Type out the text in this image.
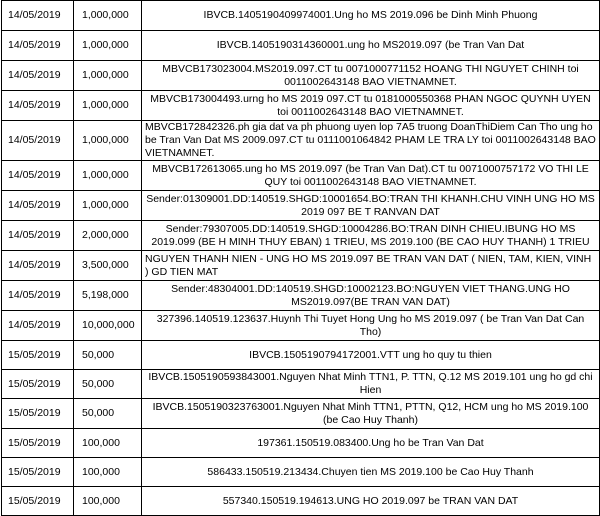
14/05/2019	1,000,000	IBVCB.1405190409974001.Ung ho MS 2019.096 be Dinh Minh Phuong
14/05/2019	1,000,000	IBVCB.1405190314360001.ung ho MS2019.097 (be Tran Van Dat
14/05/2019	1,000,000	MBVCB173023004.MS2019.097.CT tu 0071000771152 HOANG THI NGUYET CHINH toi 0011002643148 BAO VIETNAMNET.
14/05/2019	1,000,000	MBVCB173004493.urng ho MS 2019 097.CT tu 0181000550368 PHAN NGOC QUYNH UYEN toi 0011002643148 BAO VIETNAMNET.
14/05/2019	1,000,000	MBVCB172842326.ph gia dat va ph phuong uyen lop 7A5 truong DoanThiDiem Can Tho ung ho be Tran Van Dat MS 2009.097.CT tu 0111001064842 PHAM LE TRA LY toi 0011002643148 BAO VIETNAMNET.
14/05/2019	1,000,000	MBVCB172613065.ung ho MS 2019.097 (be Tran Van Dat).CT tu 0071000757172 VO THI LE QUY toi 0011002643148 BAO VIETNAMNET.
14/05/2019	1,000,000	Sender:01309001.DD:140519.SHGD:10001654.BO:TRAN THI KHANH.CHU VINH UNG HO MS 2019 097 BE T RANVAN DAT
14/05/2019	2,000,000	Sender:79307005.DD:140519.SHGD:10004286.BO:TRAN DINH CHIEU.IBUNG HO MS 2019.099 (BE H MINH THUY EBAN) 1 TRIEU, MS 2019.100 (BE CAO HUY THANH) 1 TRIEU
14/05/2019	3,500,000	NGUYEN THANH NIEN - UNG HO MS 2019.097 BE TRAN VAN DAT ( NIEN, TAM, KIEN, VINH ) GD TIEN MAT
14/05/2019	5,198,000	Sender:48304001.DD:140519.SHGD:10002123.BO:NGUYEN VIET THANG.UNG HO MS2019.097(BE TRAN VAN DAT)
14/05/2019	10,000,000	327396.140519.123637.Huynh Thi Tuyet Hong Ung ho MS 2019.097 ( be Tran Van Dat Can Tho)
15/05/2019	50,000	IBVCB.1505190794172001.VTT ung ho quy tu thien
15/05/2019	50,000	IBVCB.1505190593843001.Nguyen Nhat Minh TTN1, P. TTN, Q.12 MS 2019.101 ung ho gd chi Hien
15/05/2019	50,000	IBVCB.1505190323763001.Nguyen Nhat Minh TTN1, PTTN, Q12, HCM ung ho MS 2019.100 (be Cao Huy Thanh)
15/05/2019	100,000	197361.150519.083400.Ung ho be Tran Van Dat
15/05/2019	100,000	586433.150519.213434.Chuyen tien MS 2019.100 be Cao Huy Thanh
15/05/2019	100,000	557340.150519.194613.UNG HO 2019.097 be TRAN VAN DAT
